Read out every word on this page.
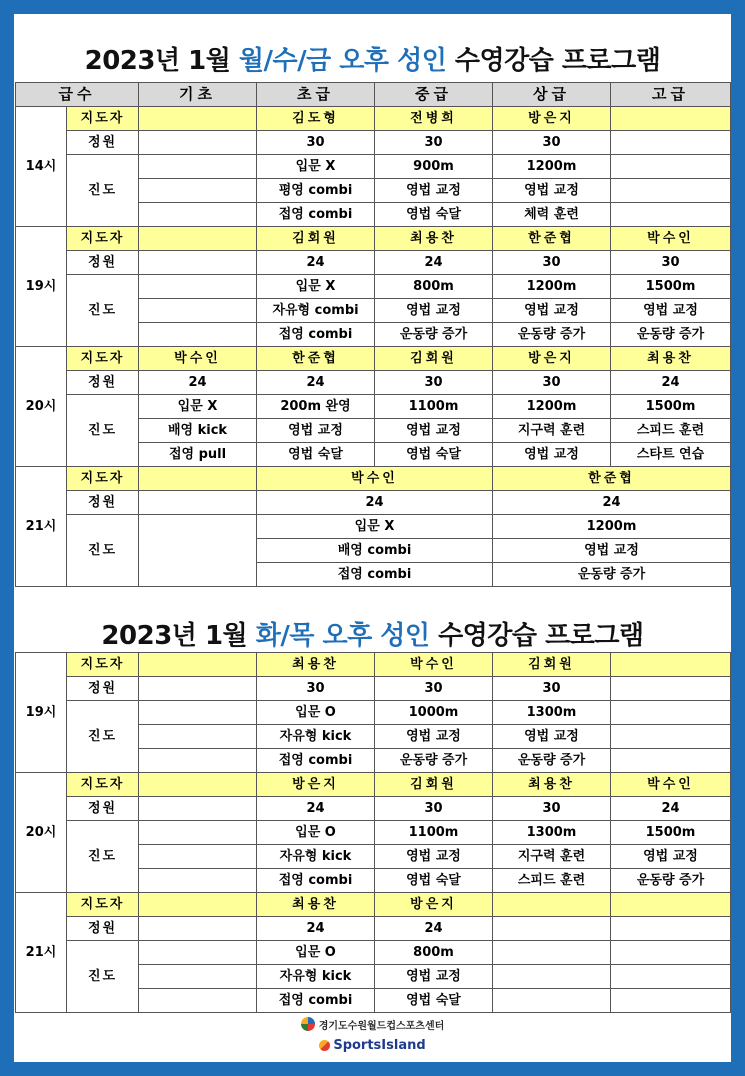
2023년 1월 월/수/금 오후 성인 수영강습 프로그램
급수		기초	초급	중급	상급	고급
14시	지도자		김도형	전병희	방은지	
	정원		30	30	30	
	진도		입문 X	900m	1200m	
			평영 combi	영법 교정	영법 교정	
			접영 combi	영법 숙달	체력 훈련	
19시	지도자		김회원	최용찬	한준협	박수인
	정원		24	24	30	30
	진도		입문 X	800m	1200m	1500m
			자유형 combi	영법 교정	영법 교정	영법 교정
			접영 combi	운동량 증가	운동량 증가	운동량 증가
20시	지도자	박수인	한준협	김회원	방은지	최용찬
	정원	24	24	30	30	24
	진도	입문 X	200m 완영	1100m	1200m	1500m
		배영 kick	영법 교정	영법 교정	지구력 훈련	스피드 훈련
		접영 pull	영법 숙달	영법 숙달	영법 교정	스타트 연습
21시	지도자		박수인		한준협	
	정원		24		24	
	진도		입문 X		1200m	
			배영 combi		영법 교정	
			접영 combi		운동량 증가	
2023년 1월 화/목 오후 성인 수영강습 프로그램
19시	지도자		최용찬	박수인	김회원	
	정원		30	30	30	
	진도		입문 O	1000m	1300m	
			자유형 kick	영법 교정	영법 교정	
			접영 combi	운동량 증가	운동량 증가	
20시	지도자		방은지	김회원	최용찬	박수인
	정원		24	30	30	24
	진도		입문 O	1100m	1300m	1500m
			자유형 kick	영법 교정	지구력 훈련	영법 교정
			접영 combi	영법 숙달	스피드 훈련	운동량 증가
21시	지도자		최용찬	방은지		
	정원		24	24		
	진도		입문 O	800m		
			자유형 kick	영법 교정		
			접영 combi	영법 숙달		
경기도수원월드컵스포츠센터
SportsIsland
